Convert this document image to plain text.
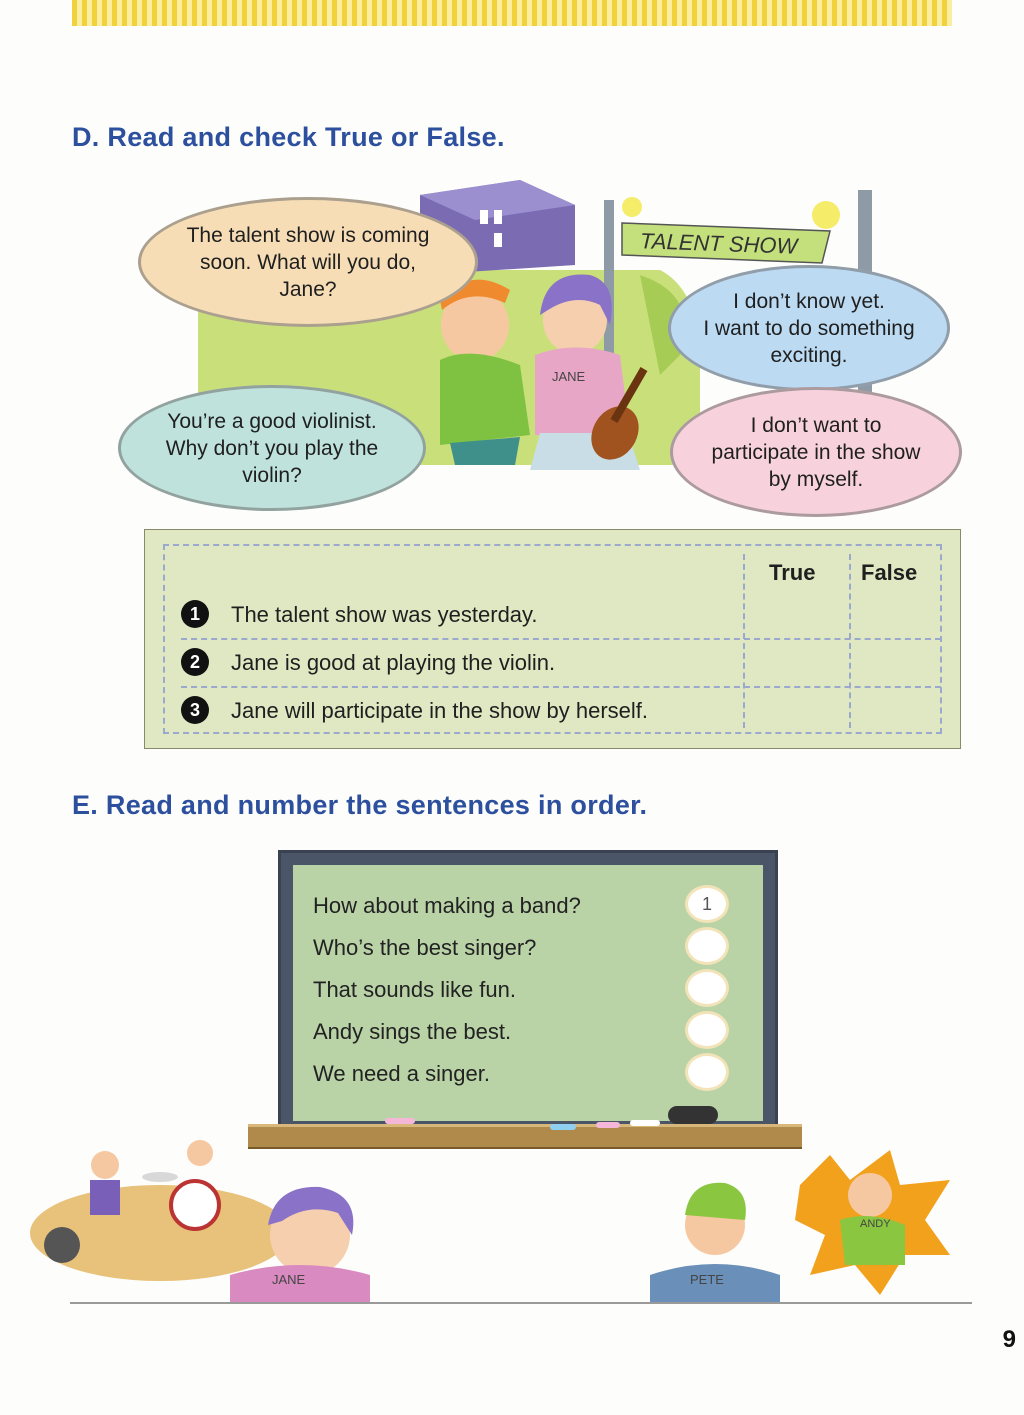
D. Read and check True or False.
TALENT SHOW
JANE
The talent show is coming
soon. What will you do,
Jane?
I don’t know yet.
I want to do something
exciting.
You’re a good violinist.
Why don’t you play the
violin?
I don’t want to
participate in the show
by myself.
True False
1	The talent show was yesterday.
2	Jane is good at playing the violin.
3	Jane will participate in the show by herself.
E. Read and number the sentences in order.
How about making a band?
1
Who’s the best singer?
That sounds like fun.
Andy sings the best.
We need a singer.
JANE	PETE
ANDY
9
